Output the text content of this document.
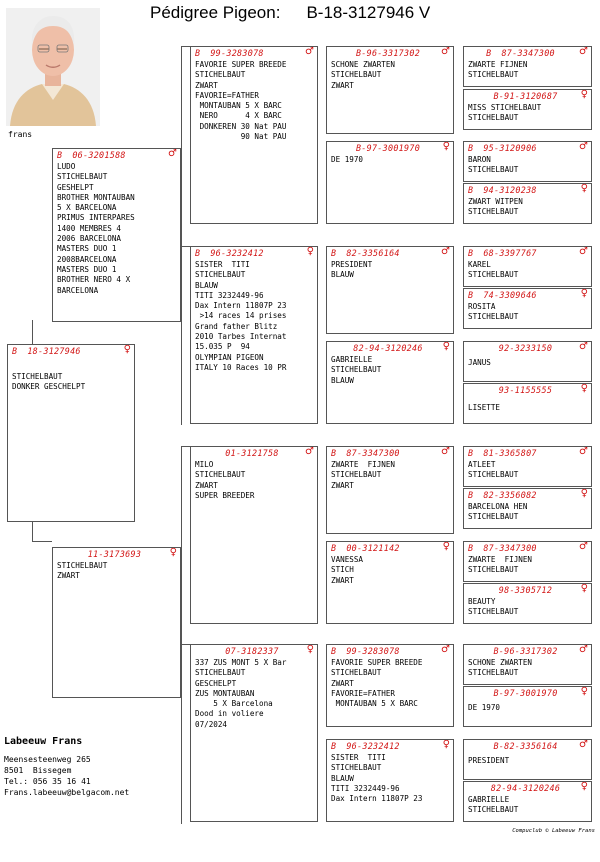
Pédigree Pigeon: B-18-3127946 V
frans
B 18-3127946	♀
STICHELBAUT
DONKER GESCHELPT
B 06-3201588	♂
LUDO
STICHELBAUT
GESHELPT
BROTHER MONTAUBAN
5 X BARCELONA
PRIMUS INTERPARES
1400 MEMBRES 4
2006 BARCELONA
MASTERS DUO 1
2008BARCELONA
MASTERS DUO 1
BROTHER NERO 4 X
BARCELONA
11-3173693	♀
STICHELBAUT
ZWART
B 99-3283078	♂
FAVORIE SUPER BREEDE
STICHELBAUT
ZWART
FAVORIE=FATHER
MONTAUBAN 5 X BARC
NERO      4 X BARC
DONKEREN 30 Nat PAU
90 Nat PAU
B 96-3232412	♀
SISTER  TITI
STICHELBAUT
BLAUW
TITI 3232449-96
Dax Intern 11807P 23
>14 races 14 prises
Grand father Blitz
2010 Tarbes Internat
15.035 P  94
OLYMPIAN PIGEON
ITALY 10 Races 10 PR
01-3121758	♂
MILO
STICHELBAUT
ZWART
SUPER BREEDER
07-3182337	♀
337 ZUS MONT 5 X Bar
STICHELBAUT
GESCHELPT
ZUS MONTAUBAN
5 X Barcelona
Dood in voliere
07/2024
B-96-3317302	♂
SCHONE ZWARTEN
STICHELBAUT
ZWART
B-97-3001970	♀
DE 1970
B 82-3356164	♂
PRESIDENT
BLAUW
82-94-3120246	♀
GABRIELLE
STICHELBAUT
BLAUW
B 87-3347300	♂
ZWARTE  FIJNEN
STICHELBAUT
ZWART
B 00-3121142	♀
VANESSA
STICH
ZWART
B 99-3283078	♂
FAVORIE SUPER BREEDE
STICHELBAUT
ZWART
FAVORIE=FATHER
MONTAUBAN 5 X BARC
B 96-3232412	♀
SISTER  TITI
STICHELBAUT
BLAUW
TITI 3232449-96
Dax Intern 11807P 23
B 87-3347300	♂
ZWARTE FIJNEN
STICHELBAUT
B-91-3120687	♀
MISS STICHELBAUT
STICHELBAUT
B 95-3120906	♂
BARON
STICHELBAUT
B 94-3120238	♀
ZWART WITPEN
STICHELBAUT
B 68-3397767	♂
KAREL
STICHELBAUT
B 74-3309646	♀
ROSITA
STICHELBAUT
92-3233150	♂
JANUS
93-1155555	♀
LISETTE
B 81-3365807	♂
ATLEET
STICHELBAUT
B 82-3356082	♀
BARCELONA HEN
STICHELBAUT
B 87-3347300	♂
ZWARTE  FIJNEN
STICHELBAUT
98-3305712	♀
BEAUTY
STICHELBAUT
B-96-3317302	♂
SCHONE ZWARTEN
STICHELBAUT
B-97-3001970	♀
DE 1970
B-82-3356164	♂
PRESIDENT
82-94-3120246	♀
GABRIELLE
STICHELBAUT
Labeeuw Frans
Meensesteenweg 265
8501  Bissegem
Tel.: 056 35 16 41
Frans.labeeuw@belgacom.net
Compuclub © Labeeuw Frans
